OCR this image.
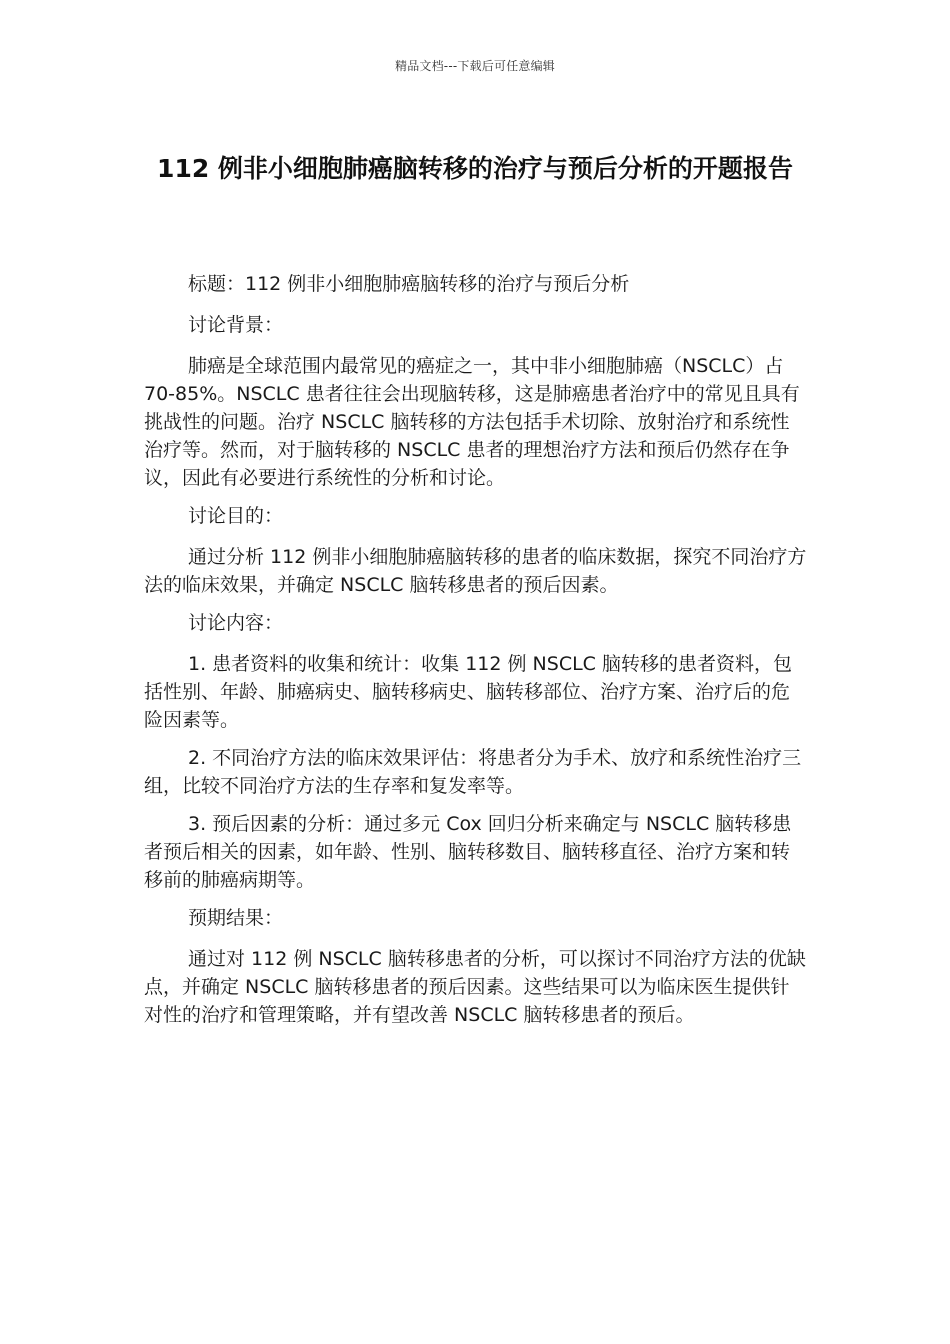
精品文档---下载后可任意编辑
112 例非小细胞肺癌脑转移的治疗与预后分析的开题报告

标题：112 例非小细胞肺癌脑转移的治疗与预后分析

讨论背景：

肺癌是全球范围内最常见的癌症之一，其中非小细胞肺癌（NSCLC）占 70-85%。NSCLC 患者往往会出现脑转移，这是肺癌患者治疗中的常见且具有挑战性的问题。治疗 NSCLC 脑转移的方法包括手术切除、放射治疗和系统性治疗等。然而，对于脑转移的 NSCLC 患者的理想治疗方法和预后仍然存在争议，因此有必要进行系统性的分析和讨论。

讨论目的：

通过分析 112 例非小细胞肺癌脑转移的患者的临床数据，探究不同治疗方法的临床效果，并确定 NSCLC 脑转移患者的预后因素。

讨论内容：

1. 患者资料的收集和统计：收集 112 例 NSCLC 脑转移的患者资料，包括性别、年龄、肺癌病史、脑转移病史、脑转移部位、治疗方案、治疗后的危险因素等。

2. 不同治疗方法的临床效果评估：将患者分为手术、放疗和系统性治疗三组，比较不同治疗方法的生存率和复发率等。

3. 预后因素的分析：通过多元 Cox 回归分析来确定与 NSCLC 脑转移患者预后相关的因素，如年龄、性别、脑转移数目、脑转移直径、治疗方案和转移前的肺癌病期等。

预期结果：

通过对 112 例 NSCLC 脑转移患者的分析，可以探讨不同治疗方法的优缺点，并确定 NSCLC 脑转移患者的预后因素。这些结果可以为临床医生提供针对性的治疗和管理策略，并有望改善 NSCLC 脑转移患者的预后。
